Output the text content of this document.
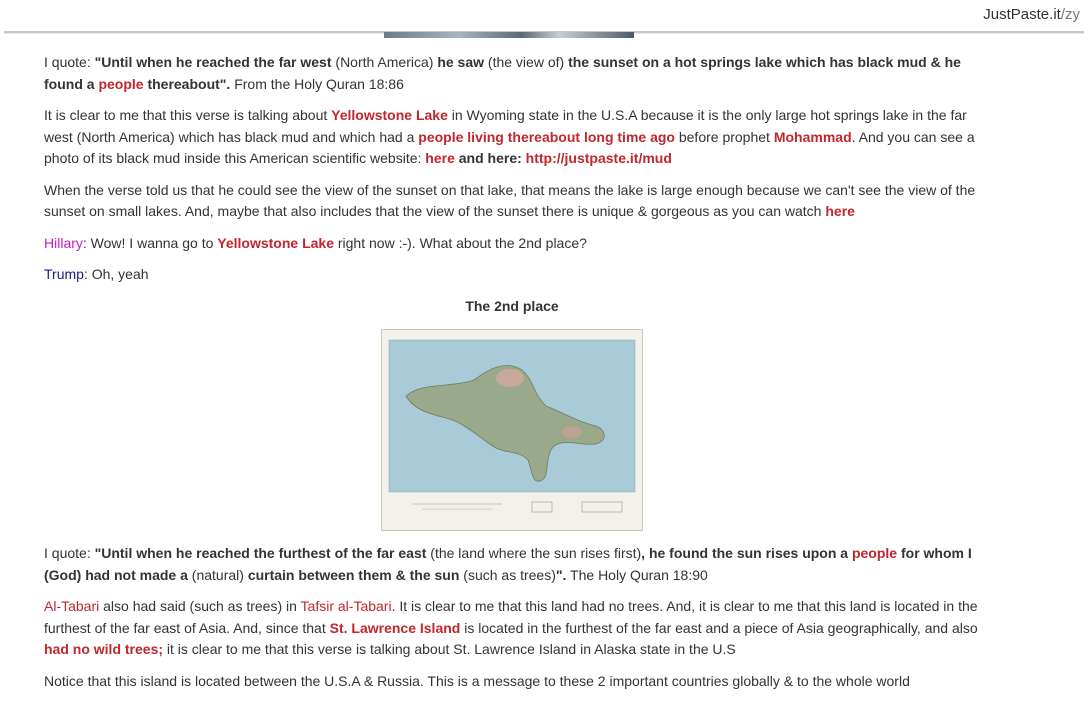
JustPaste.it/zy

I quote: "Until when he reached the far west (North America) he saw (the view of) the sunset on a hot springs lake which has black mud & he found a people thereabout". From the Holy Quran 18:86

It is clear to me that this verse is talking about Yellowstone Lake in Wyoming state in the U.S.A because it is the only large hot springs lake in the far west (North America) which has black mud and which had a people living thereabout long time ago before prophet Mohammad. And you can see a photo of its black mud inside this American scientific website: here and here: http://justpaste.it/mud

When the verse told us that he could see the view of the sunset on that lake, that means the lake is large enough because we can't see the view of the sunset on small lakes. And, maybe that also includes that the view of the sunset there is unique & gorgeous as you can watch here

Hillary: Wow! I wanna go to Yellowstone Lake right now :-). What about the 2nd place?

Trump: Oh, yeah

The 2nd place

I quote: "Until when he reached the furthest of the far east (the land where the sun rises first), he found the sun rises upon a people for whom I (God) had not made a (natural) curtain between them & the sun (such as trees)". The Holy Quran 18:90

Al-Tabari also had said (such as trees) in Tafsir al-Tabari. It is clear to me that this land had no trees. And, it is clear to me that this land is located in the furthest of the far east of Asia. And, since that St. Lawrence Island is located in the furthest of the far east and a piece of Asia geographically, and also had no wild trees; it is clear to me that this verse is talking about St. Lawrence Island in Alaska state in the U.S

Notice that this island is located between the U.S.A & Russia. This is a message to these 2 important countries globally & to the whole world
